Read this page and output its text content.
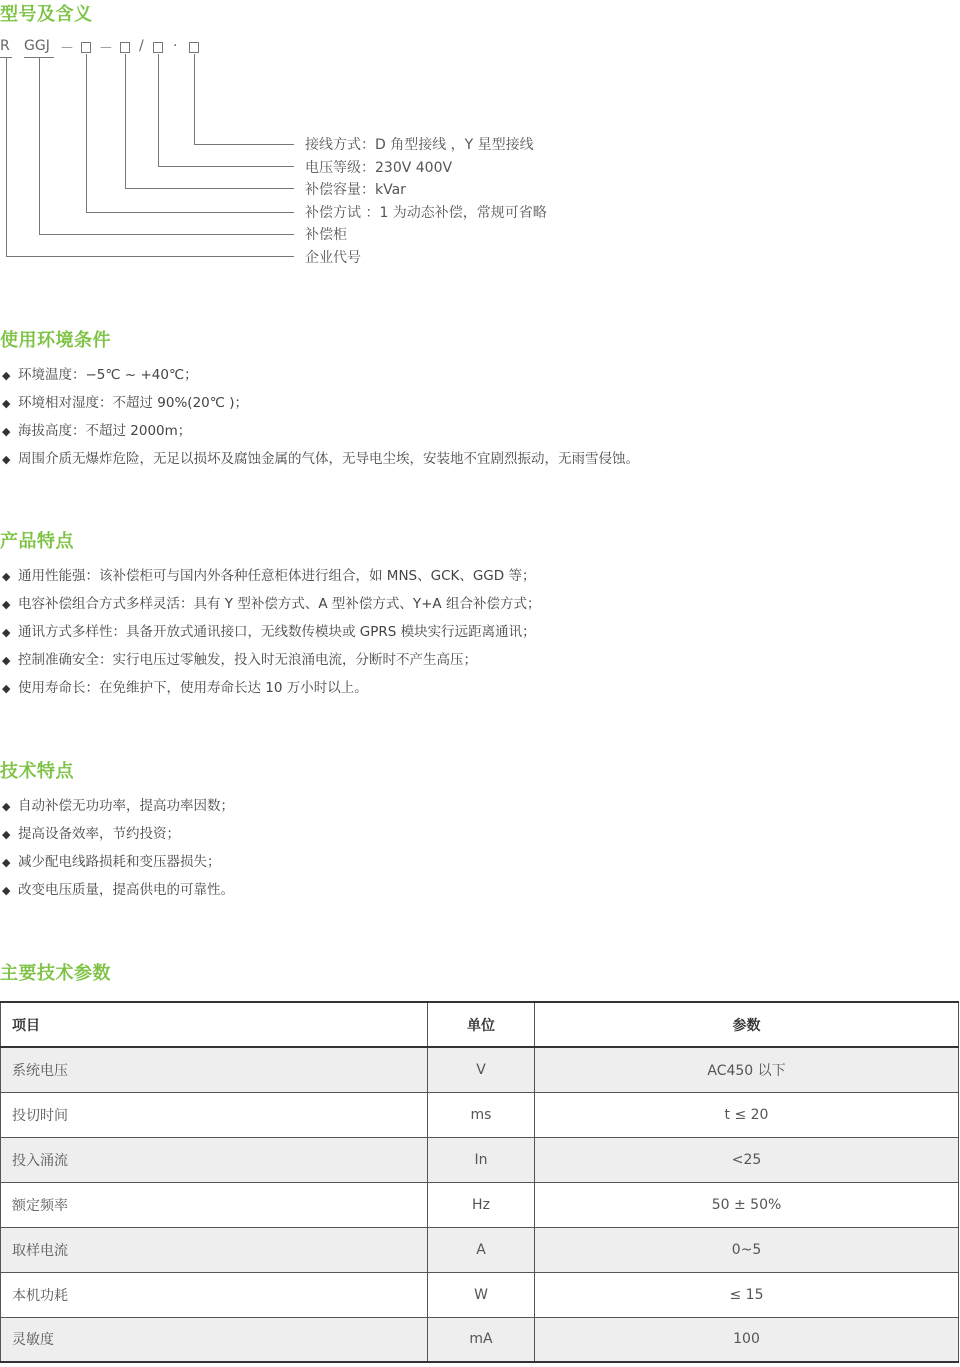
型号及含义
R GGJ － － / ·
接线方式：D 角型接线 ，Y 星型接线
电压等级：230V 400V
补偿容量：kVar
补偿方试 ：1 为动态补偿，常规可省略
补偿柜
企业代号
使用环境条件
◆ 环境温度：−5℃ ~ +40℃；
◆ 环境相对湿度：不超过 90%(20℃ )；
◆ 海拔高度：不超过 2000m；
◆ 周围介质无爆炸危险，无足以损坏及腐蚀金属的气体，无导电尘埃，安装地不宜剧烈振动，无雨雪侵蚀。
产品特点
◆ 通用性能强：该补偿柜可与国内外各种任意柜体进行组合，如 MNS、GCK、GGD 等；
◆ 电容补偿组合方式多样灵活：具有 Y 型补偿方式、A 型补偿方式、Y+A 组合补偿方式；
◆ 通讯方式多样性：具备开放式通讯接口，无线数传模块或 GPRS 模块实行远距离通讯；
◆ 控制准确安全：实行电压过零触发，投入时无浪涌电流，分断时不产生高压；
◆ 使用寿命长：在免维护下，使用寿命长达 10 万小时以上。
技术特点
◆ 自动补偿无功功率，提高功率因数；
◆ 提高设备效率，节约投资；
◆ 减少配电线路损耗和变压器损失；
◆ 改变电压质量，提高供电的可靠性。
主要技术参数
项目	单位	参数
系统电压	V	AC450 以下
投切时间	ms	t ≤ 20
投入涌流	In	<25
额定频率	Hz	50 ± 50%
取样电流	A	0~5
本机功耗	W	≤ 15
灵敏度	mA	100
